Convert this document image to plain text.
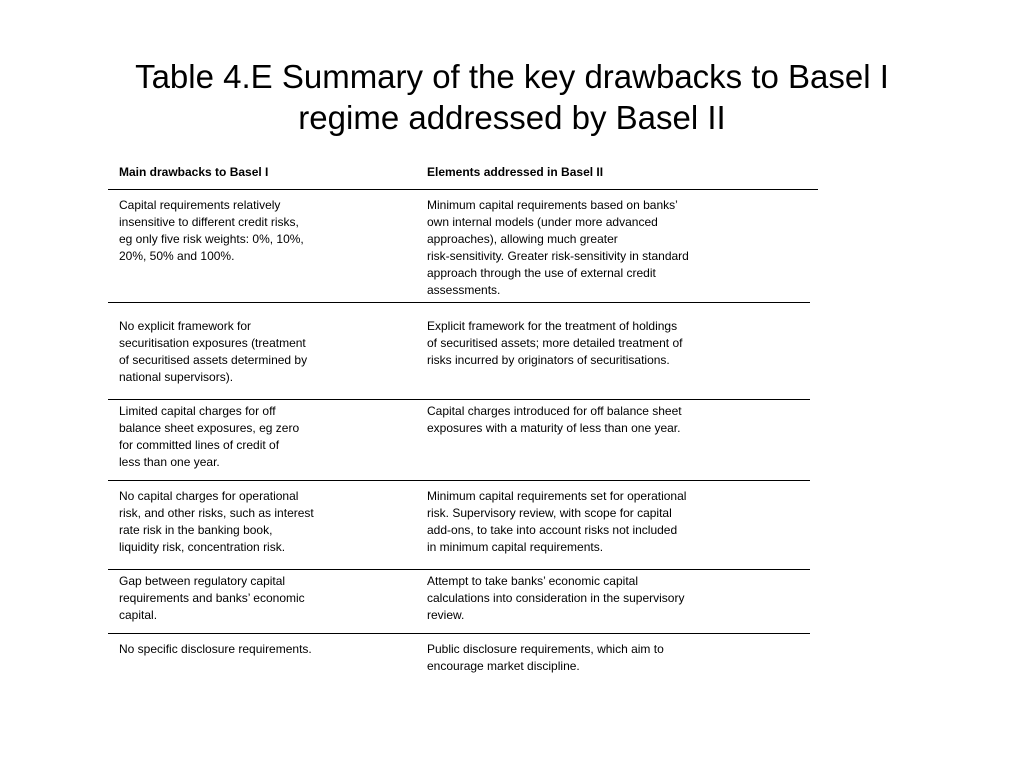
Table 4.E Summary of the key drawbacks to Basel I
regime addressed by Basel II
Main drawbacks to Basel I	Elements addressed in Basel II
Capital requirements relatively
insensitive to different credit risks,
eg only five risk weights: 0%, 10%,
20%, 50% and 100%.
Minimum capital requirements based on banks’
own internal models (under more advanced
approaches), allowing much greater
risk-sensitivity. Greater risk-sensitivity in standard
approach through the use of external credit
assessments.
No explicit framework for
securitisation exposures (treatment
of securitised assets determined by
national supervisors).
Explicit framework for the treatment of holdings
of securitised assets; more detailed treatment of
risks incurred by originators of securitisations.
Limited capital charges for off
balance sheet exposures, eg zero
for committed lines of credit of
less than one year.
Capital charges introduced for off balance sheet
exposures with a maturity of less than one year.
No capital charges for operational
risk, and other risks, such as interest
rate risk in the banking book,
liquidity risk, concentration risk.
Minimum capital requirements set for operational
risk. Supervisory review, with scope for capital
add-ons, to take into account risks not included
in minimum capital requirements.
Gap between regulatory capital
requirements and banks’ economic
capital.
Attempt to take banks’ economic capital
calculations into consideration in the supervisory
review.
No specific disclosure requirements.	Public disclosure requirements, which aim to
encourage market discipline.
